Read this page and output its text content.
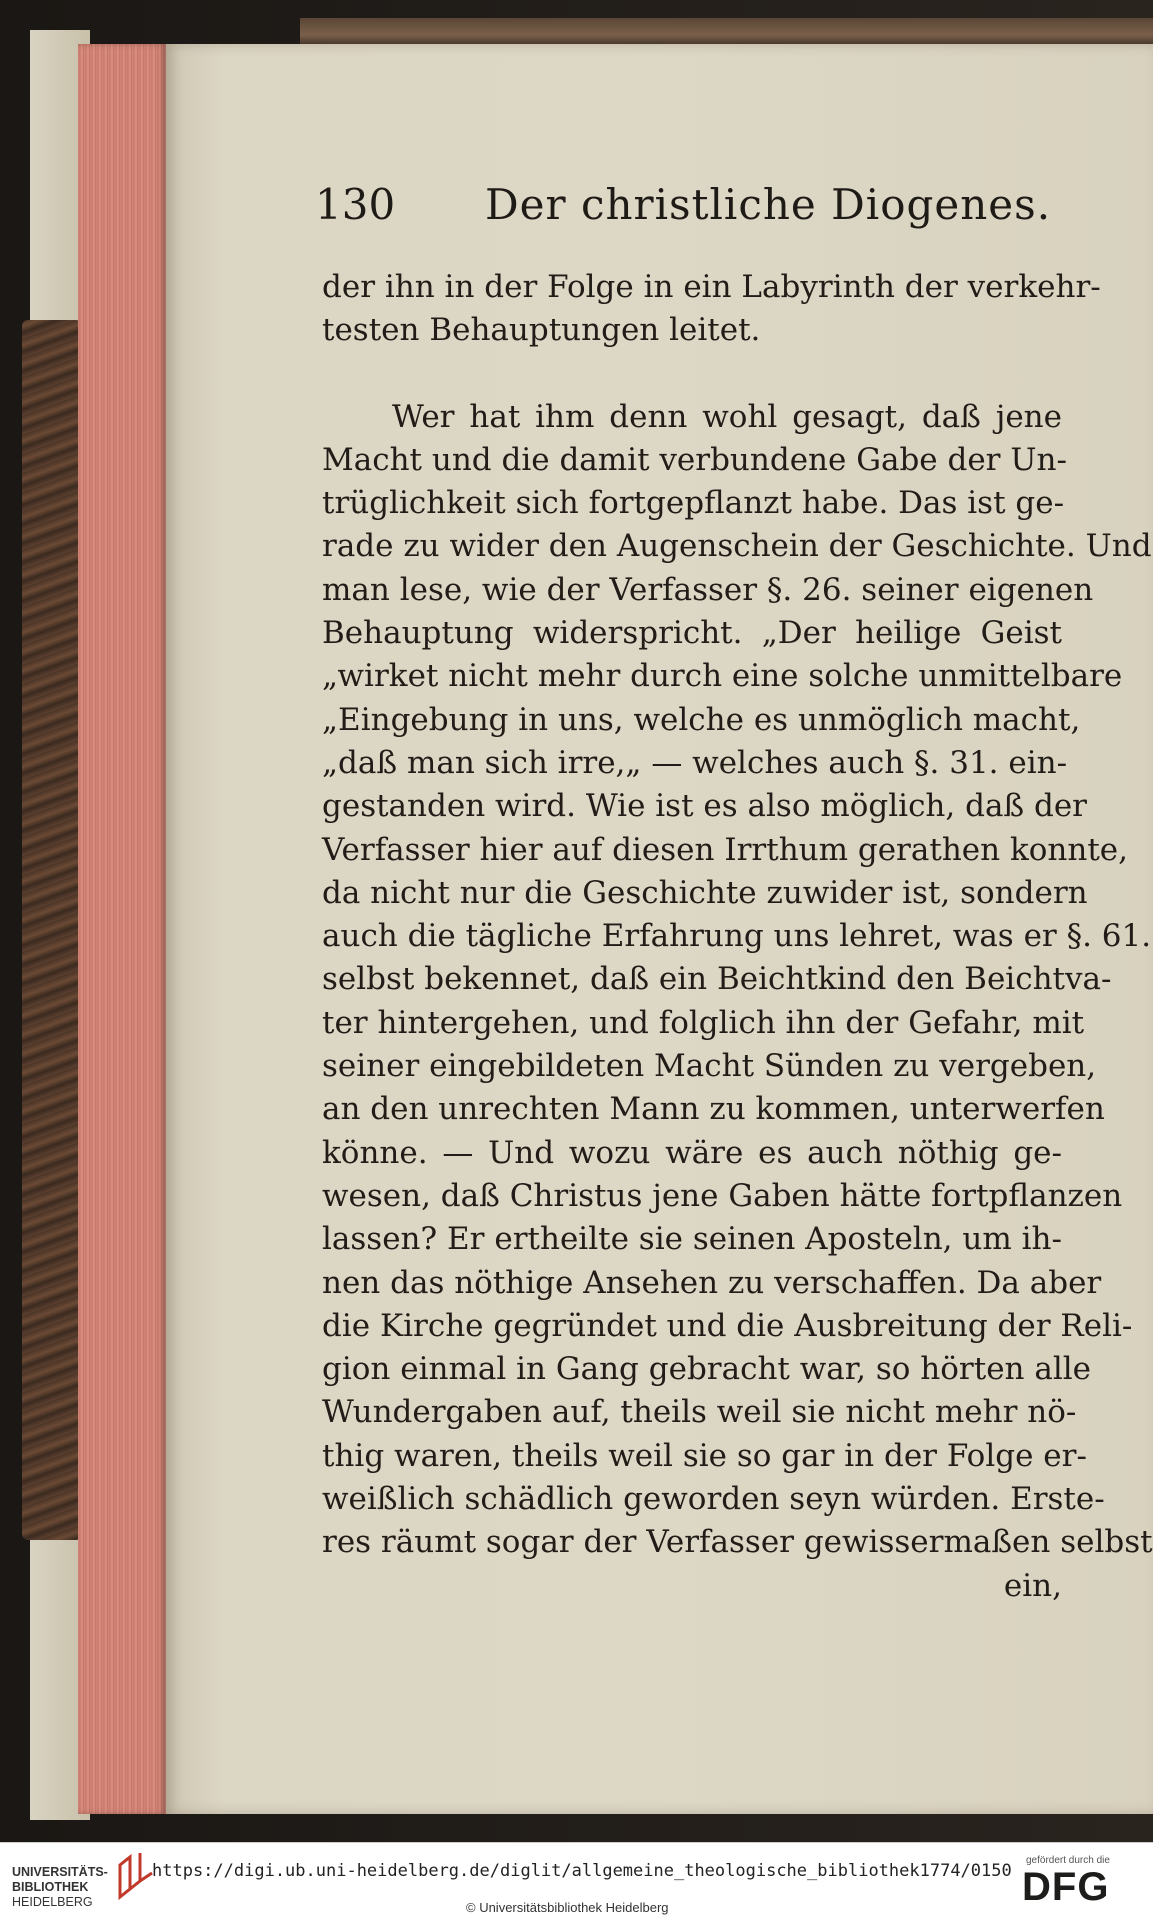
130 Der christliche Diogenes.
der ihn in der Folge in ein Labyrinth der verkehr-
testen Behauptungen leitet.
Wer hat ihm denn wohl gesagt, daß jene
Macht und die damit verbundene Gabe der Un-
trüglichkeit sich fortgepflanzt habe. Das ist ge-
rade zu wider den Augenschein der Geschichte. Und
man lese, wie der Verfasser §. 26. seiner eigenen
Behauptung widerspricht. „Der heilige Geist
„wirket nicht mehr durch eine solche unmittelbare
„Eingebung in uns, welche es unmöglich macht,
„daß man sich irre,„ — welches auch §. 31. ein-
gestanden wird. Wie ist es also möglich, daß der
Verfasser hier auf diesen Irrthum gerathen konnte,
da nicht nur die Geschichte zuwider ist, sondern
auch die tägliche Erfahrung uns lehret, was er §. 61.
selbst bekennet, daß ein Beichtkind den Beichtva-
ter hintergehen, und folglich ihn der Gefahr, mit
seiner eingebildeten Macht Sünden zu vergeben,
an den unrechten Mann zu kommen, unterwerfen
könne. — Und wozu wäre es auch nöthig ge-
wesen, daß Christus jene Gaben hätte fortpflanzen
lassen? Er ertheilte sie seinen Aposteln, um ih-
nen das nöthige Ansehen zu verschaffen. Da aber
die Kirche gegründet und die Ausbreitung der Reli-
gion einmal in Gang gebracht war, so hörten alle
Wundergaben auf, theils weil sie nicht mehr nö-
thig waren, theils weil sie so gar in der Folge er-
weißlich schädlich geworden seyn würden. Erste-
res räumt sogar der Verfasser gewissermaßen selbst
ein,
UNIVERSITÄTS-
BIBLIOTHEK
HEIDELBERG
https://digi.ub.uni-heidelberg.de/diglit/allgemeine_theologische_bibliothek1774/0150
© Universitätsbibliothek Heidelberg
gefördert durch die
DFG
